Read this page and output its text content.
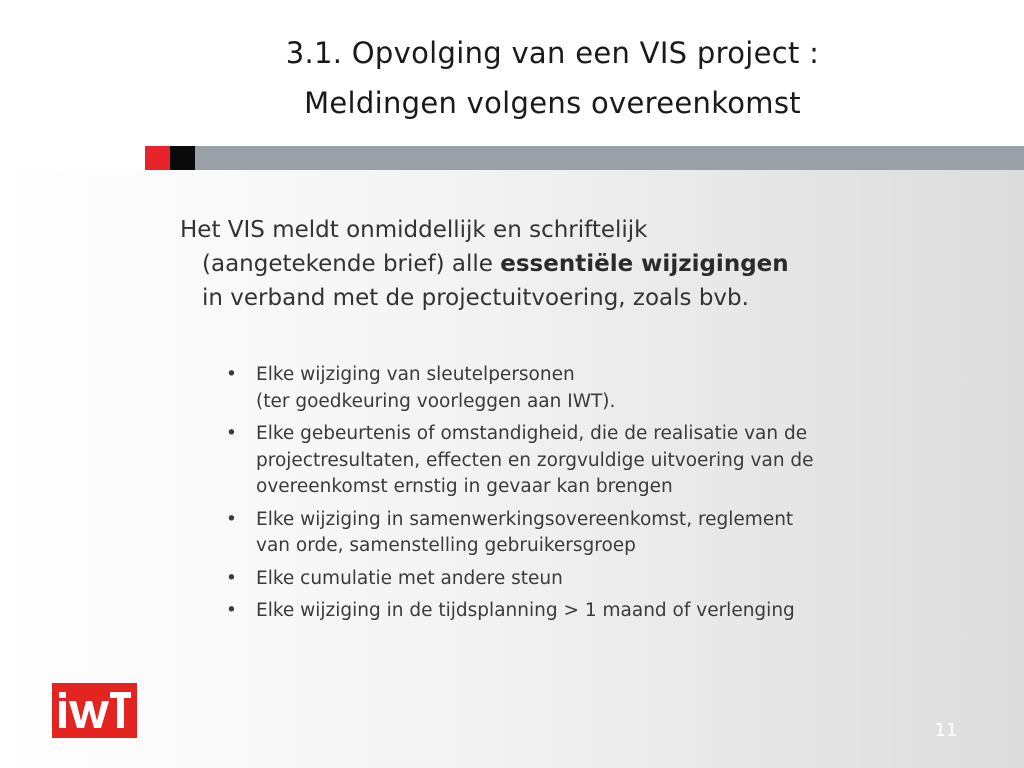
3.1. Opvolging van een VIS project :
Meldingen volgens overeenkomst
Het VIS meldt onmiddellijk en schriftelijk
(aangetekende brief) alle essentiële wijzigingen
in verband met de projectuitvoering, zoals bvb.
• Elke wijziging van sleutelpersonen
(ter goedkeuring voorleggen aan IWT).
• Elke gebeurtenis of omstandigheid, die de realisatie van de
projectresultaten, effecten en zorgvuldige uitvoering van de
overeenkomst ernstig in gevaar kan brengen
• Elke wijziging in samenwerkingsovereenkomst, reglement
van orde, samenstelling gebruikersgroep
• Elke cumulatie met andere steun
• Elke wijziging in de tijdsplanning > 1 maand of verlenging
11
